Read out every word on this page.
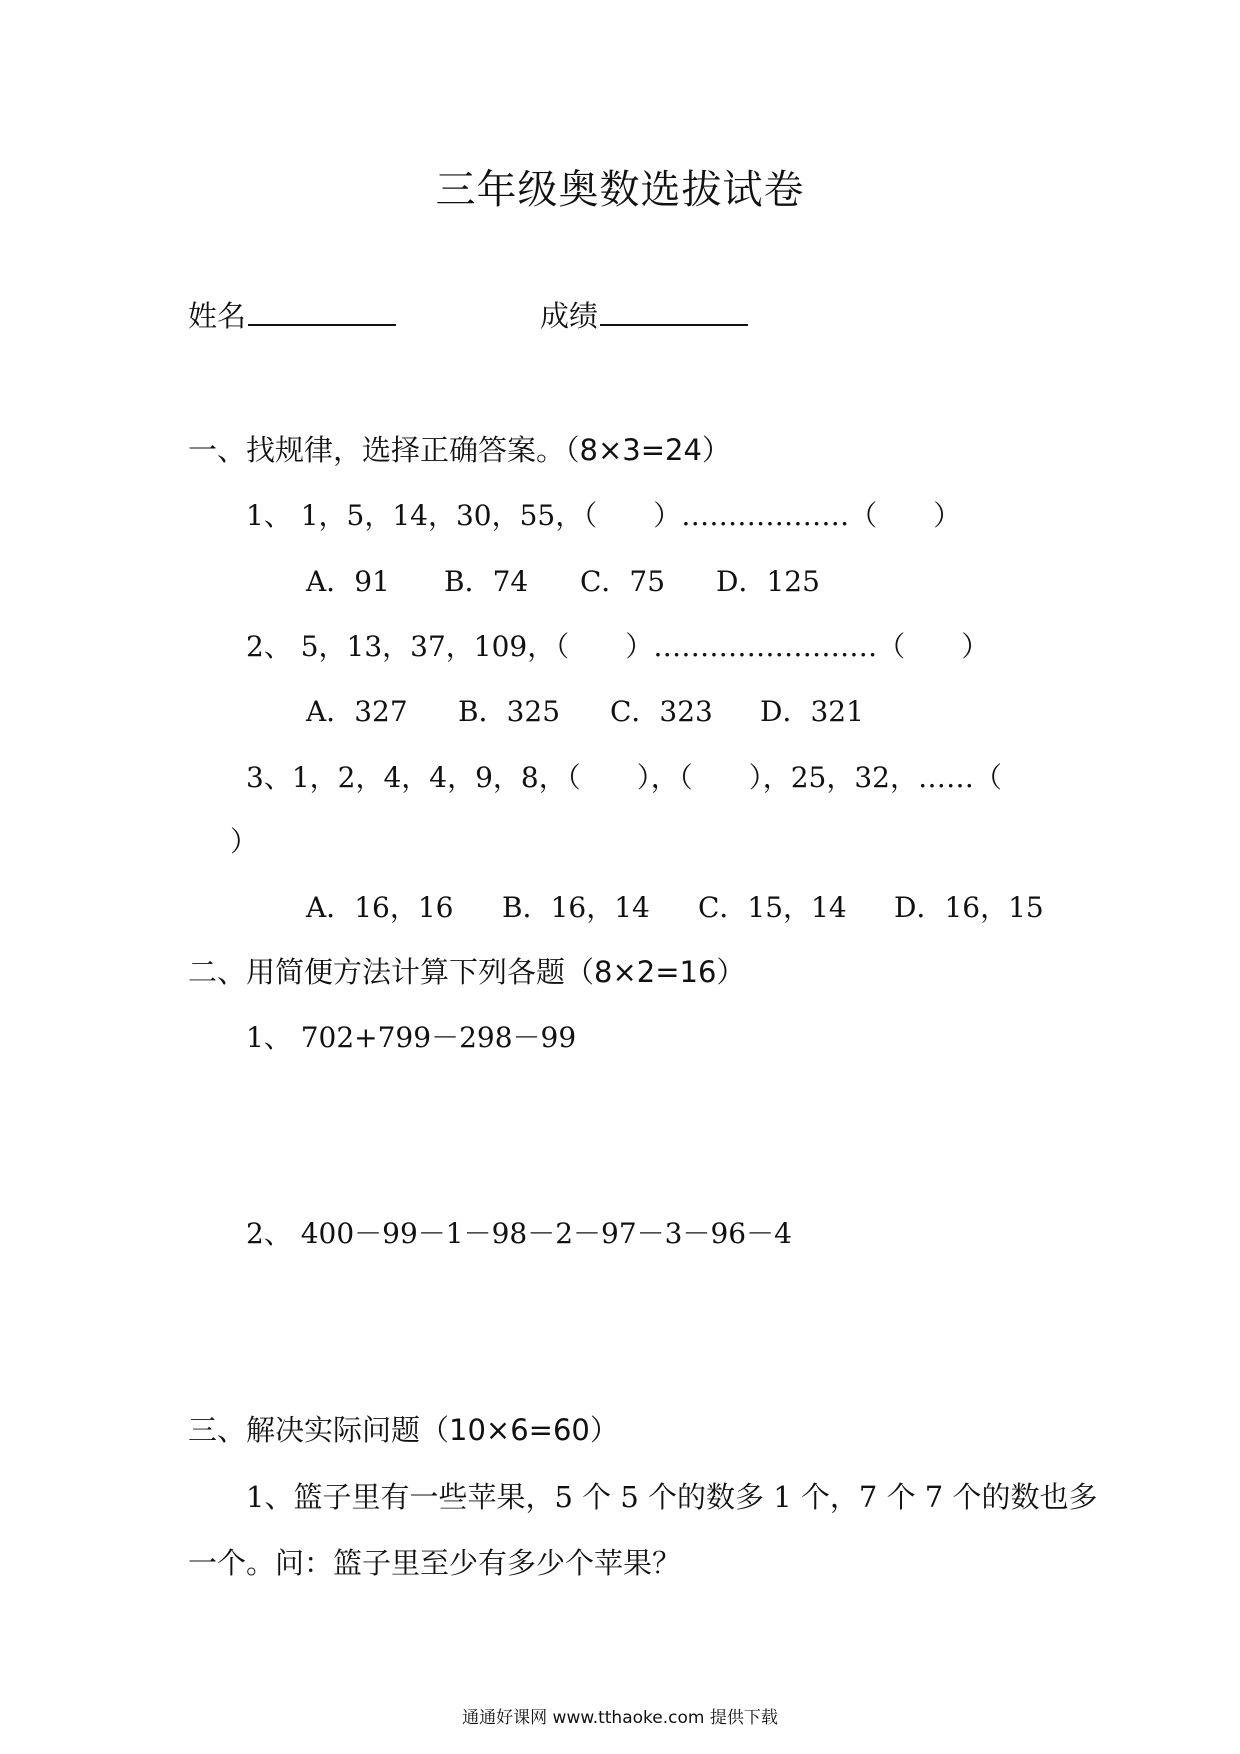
三年级奥数选拔试卷
姓名	成绩
一、找规律，选择正确答案。（8×3=24）
1、 1，5，14，30，55，（　　）………………（　　）
A．91 B．74 C．75 D．125
2、 5，13，37，109，（　　）……………………（　　）
A．327 B．325 C．323 D．321
3、1，2，4，4，9，8，（　　），（　　），25，32，……（
）
A．16，16 B．16，14 C．15，14 D．16，15
二、用简便方法计算下列各题（8×2=16）
1、 702+799－298－99
2、 400－99－1－98－2－97－3－96－4
三、解决实际问题（10×6=60）
1、篮子里有一些苹果，5 个 5 个的数多 1 个，7 个 7 个的数也多
一个。问：篮子里至少有多少个苹果？
通通好课网 www.tthaoke.com 提供下载
